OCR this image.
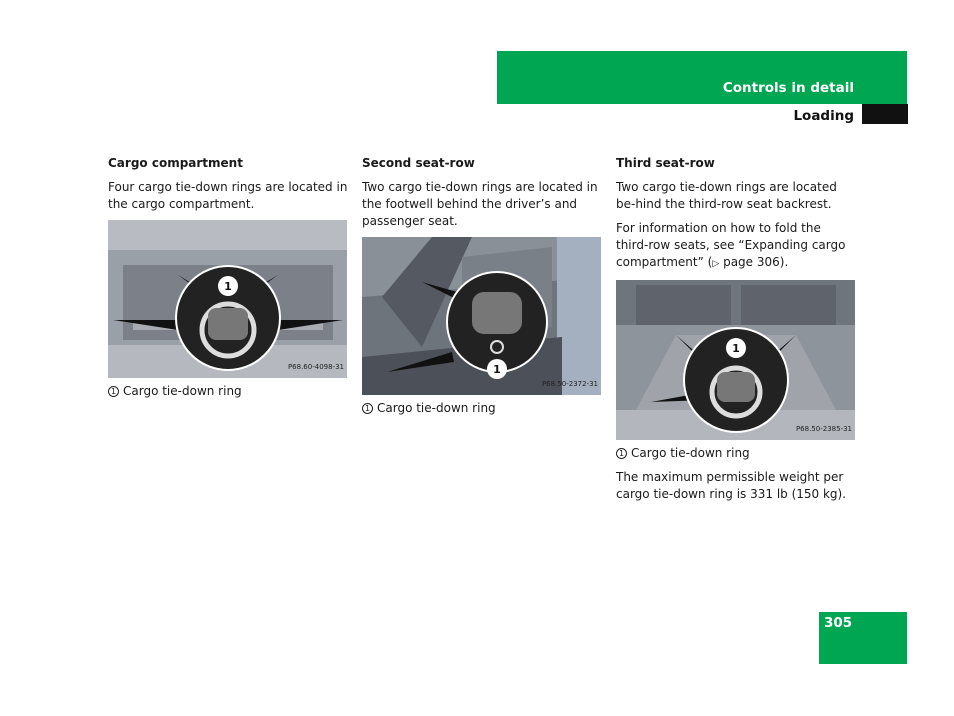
Controls in detail
Loading
Cargo compartment

Four cargo tie-down rings are located in the cargo compartment.

1
P68.60-4098-31
1 Cargo tie-down ring
Second seat-row

Two cargo tie-down rings are located in the footwell behind the driver’s and passenger seat.

1
P68.50-2372-31
1 Cargo tie-down ring
Third seat-row

Two cargo tie-down rings are located be-hind the third-row seat backrest.

For information on how to fold the third-row seats, see “Expanding cargo compartment” (▷ page 306).

1
P68.50-2385-31
1 Cargo tie-down ring

The maximum permissible weight per cargo tie-down ring is 331 lb (150 kg).

305
